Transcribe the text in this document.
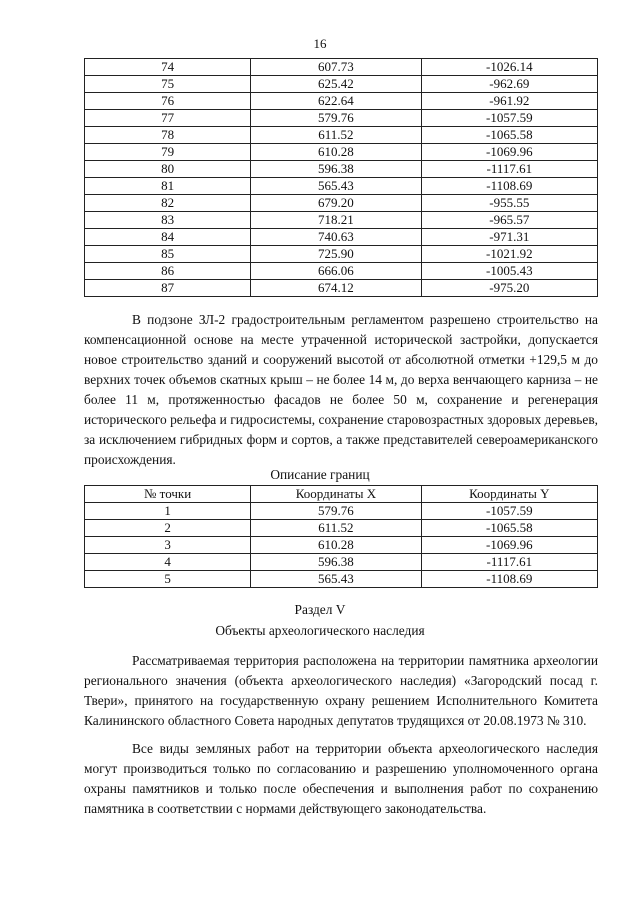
16
74	607.73	-1026.14
75	625.42	-962.69
76	622.64	-961.92
77	579.76	-1057.59
78	611.52	-1065.58
79	610.28	-1069.96
80	596.38	-1117.61
81	565.43	-1108.69
82	679.20	-955.55
83	718.21	-965.57
84	740.63	-971.31
85	725.90	-1021.92
86	666.06	-1005.43
87	674.12	-975.20

В подзоне ЗЛ-2 градостроительным регламентом разрешено строительство на компенсационной основе на месте утраченной исторической застройки, допускается новое строительство зданий и сооружений высотой от абсолютной отметки +129,5 м до верхних точек объемов скатных крыш – не более 14 м, до верха венчающего карниза – не более 11 м, протяженностью фасадов не более 50 м, сохранение и регенерация исторического рельефа и гидросистемы, сохранение старовозрастных здоровых деревьев, за исключением гибридных форм и сортов, а также представителей североамериканского происхождения.

Описание границ
№ точки	Координаты X	Координаты Y
1	579.76	-1057.59
2	611.52	-1065.58
3	610.28	-1069.96
4	596.38	-1117.61
5	565.43	-1108.69
Раздел V
Объекты археологического наследия

Рассматриваемая территория расположена на территории памятника археологии регионального значения (объекта археологического наследия) «Загородский посад г. Твери», принятого на государственную охрану решением Исполнительного Комитета Калининского областного Совета народных депутатов трудящихся от 20.08.1973 № 310.

Все виды земляных работ на территории объекта археологического наследия могут производиться только по согласованию и разрешению уполномоченного органа охраны памятников и только после обеспечения и выполнения работ по сохранению памятника в соответствии с нормами действующего законодательства.
